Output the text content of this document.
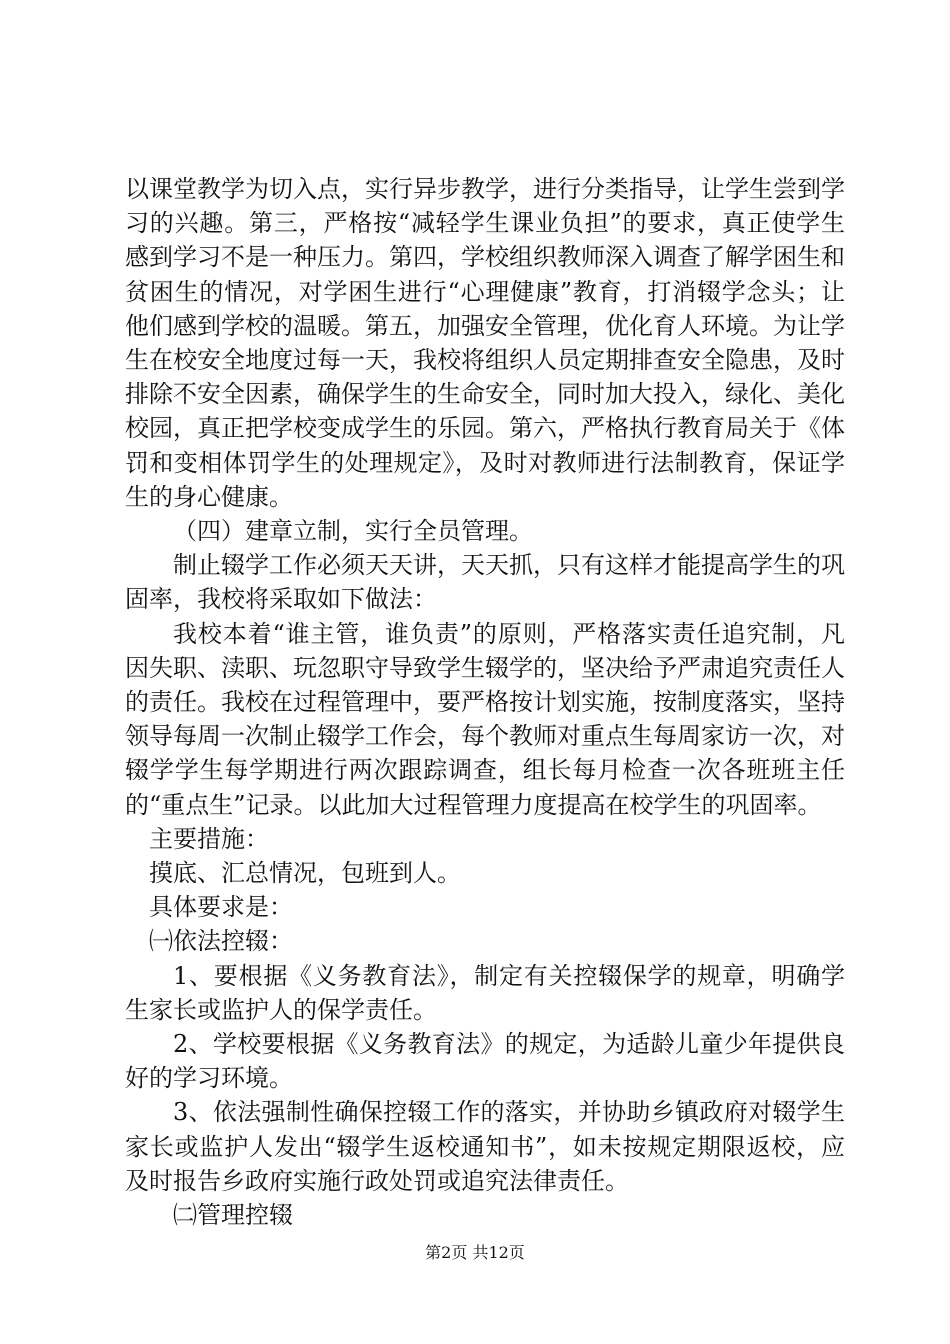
以课堂教学为切入点，实行异步教学，进行分类指导，让学生尝到学习的兴趣。第三，严格按“减轻学生课业负担”的要求，真正使学生感到学习不是一种压力。第四，学校组织教师深入调查了解学困生和贫困生的情况，对学困生进行“心理健康”教育，打消辍学念头；让他们感到学校的温暖。第五，加强安全管理，优化育人环境。为让学生在校安全地度过每一天，我校将组织人员定期排查安全隐患，及时排除不安全因素，确保学生的生命安全，同时加大投入，绿化、美化校园，真正把学校变成学生的乐园。第六，严格执行教育局关于《体罚和变相体罚学生的处理规定》，及时对教师进行法制教育，保证学生的身心健康。

（四）建章立制，实行全员管理。

制止辍学工作必须天天讲，天天抓，只有这样才能提高学生的巩固率，我校将采取如下做法：

我校本着“谁主管，谁负责”的原则，严格落实责任追究制，凡因失职、渎职、玩忽职守导致学生辍学的，坚决给予严肃追究责任人的责任。我校在过程管理中，要严格按计划实施，按制度落实，坚持领导每周一次制止辍学工作会，每个教师对重点生每周家访一次，对辍学学生每学期进行两次跟踪调查，组长每月检查一次各班班主任的“重点生”记录。以此加大过程管理力度提高在校学生的巩固率。

主要措施：

摸底、汇总情况，包班到人。

具体要求是：

㈠依法控辍：

1、要根据《义务教育法》，制定有关控辍保学的规章，明确学生家长或监护人的保学责任。

2、学校要根据《义务教育法》的规定，为适龄儿童少年提供良好的学习环境。

3、依法强制性确保控辍工作的落实，并协助乡镇政府对辍学生家长或监护人发出“辍学生返校通知书”，如未按规定期限返校，应及时报告乡政府实施行政处罚或追究法律责任。

㈡管理控辍

第2页 共12页
